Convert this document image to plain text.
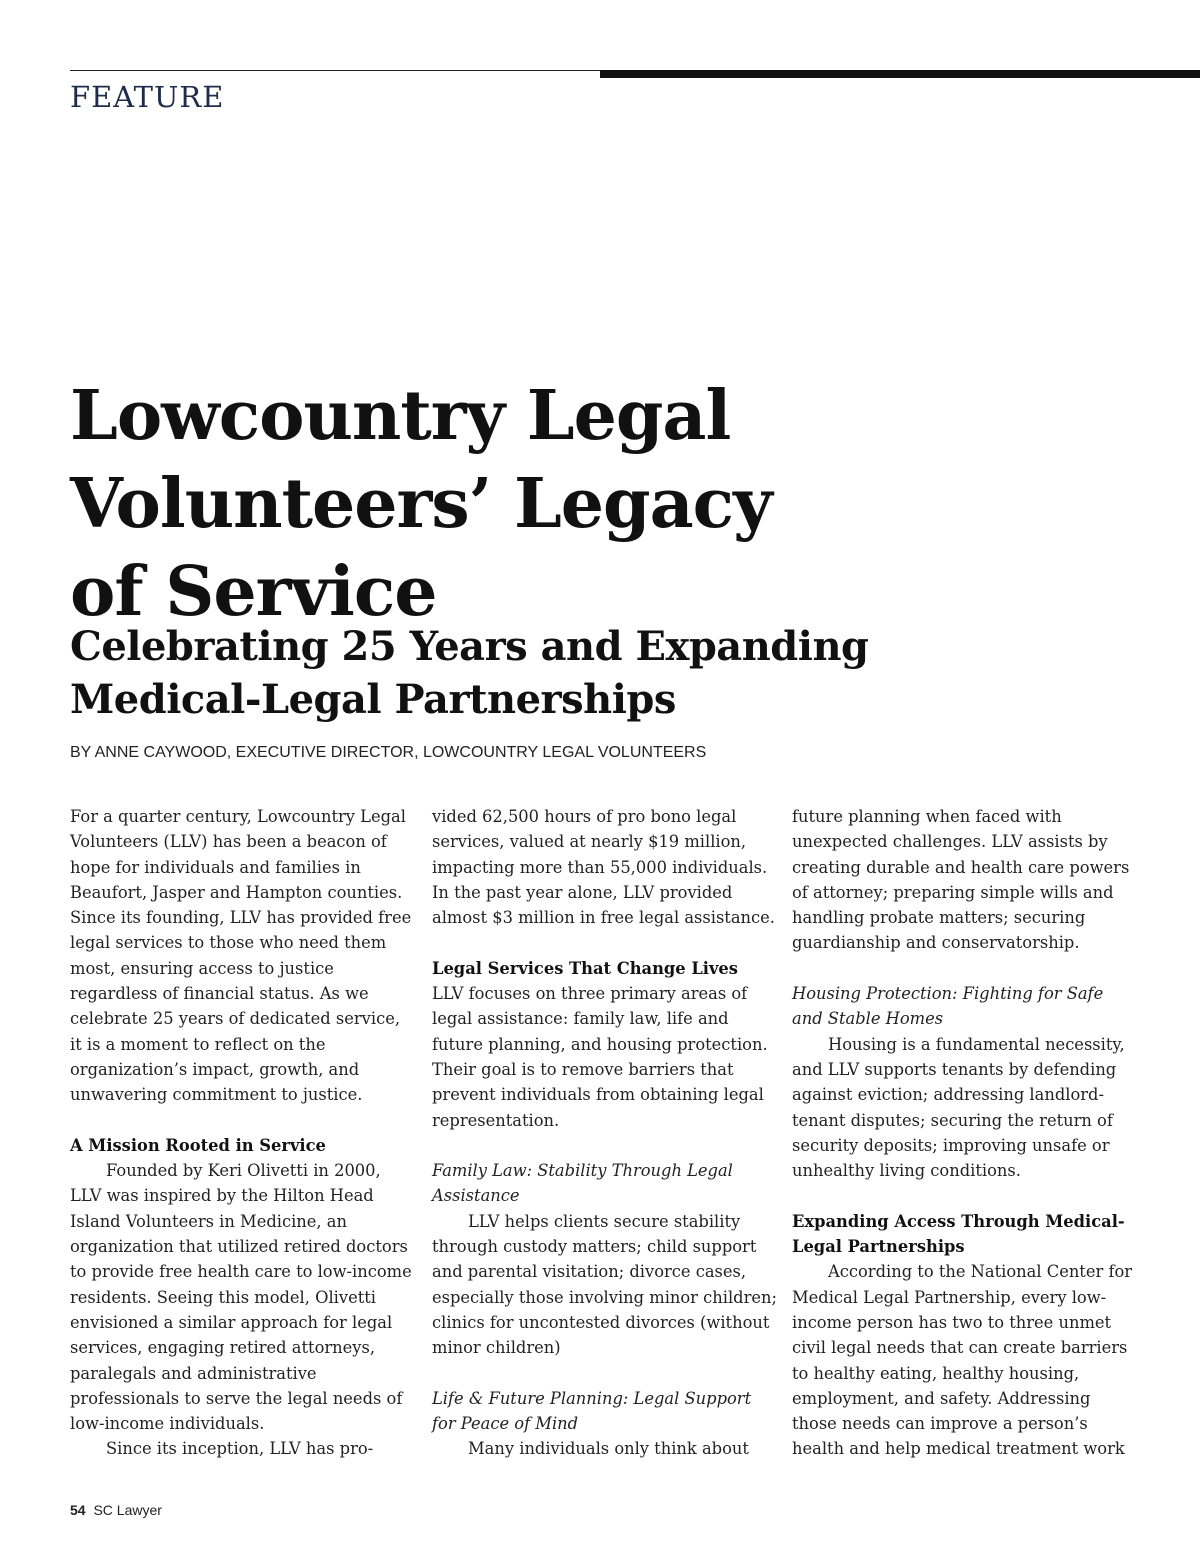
FEATURE
Lowcountry Legal
Volunteers’ Legacy
of Service
Celebrating 25 Years and Expanding
Medical-Legal Partnerships

BY ANNE CAYWOOD, EXECUTIVE DIRECTOR, LOWCOUNTRY LEGAL VOLUNTEERS

For a quarter century, Lowcountry Legal Volunteers (LLV) has been a beacon of hope for individuals and families in Beaufort, Jasper and Hampton counties. Since its founding, LLV has provided free legal services to those who need them most, ensuring access to justice regardless of financial status. As we celebrate 25 years of dedicated service, it is a moment to reflect on the organization’s impact, growth, and unwavering commitment to justice.

A Mission Rooted in Service

Founded by Keri Olivetti in 2000, LLV was inspired by the Hilton Head Island Volunteers in Medicine, an organization that utilized retired doctors to provide free health care to low-income residents. Seeing this model, Olivetti envisioned a similar approach for legal services, engaging retired attorneys, paralegals and administrative professionals to serve the legal needs of low-income individuals.

Since its inception, LLV has pro-

vided 62,500 hours of pro bono legal services, valued at nearly $19 million, impacting more than 55,000 individuals. In the past year alone, LLV provided almost $3 million in free legal assistance.

Legal Services That Change Lives

LLV focuses on three primary areas of legal assistance: family law, life and future planning, and housing protection. Their goal is to remove barriers that prevent individuals from obtaining legal representation.

Family Law: Stability Through Legal Assistance

LLV helps clients secure stability through custody matters; child support and parental visitation; divorce cases, especially those involving minor children; clinics for uncontested divorces (without minor children)

Life & Future Planning: Legal Support for Peace of Mind

Many individuals only think about

future planning when faced with unexpected challenges. LLV assists by creating durable and health care powers of attorney; preparing simple wills and handling probate matters; securing guardianship and conservatorship.

Housing Protection: Fighting for Safe and Stable Homes

Housing is a fundamental necessity, and LLV supports tenants by defending against eviction; addressing landlord-tenant disputes; securing the return of security deposits; improving unsafe or unhealthy living conditions.

Expanding Access Through Medical-Legal Partnerships

According to the National Center for Medical Legal Partnership, every low-income person has two to three unmet civil legal needs that can create barriers to healthy eating, healthy housing, employment, and safety. Addressing those needs can improve a person’s health and help medical treatment work

54 SC Lawyer
